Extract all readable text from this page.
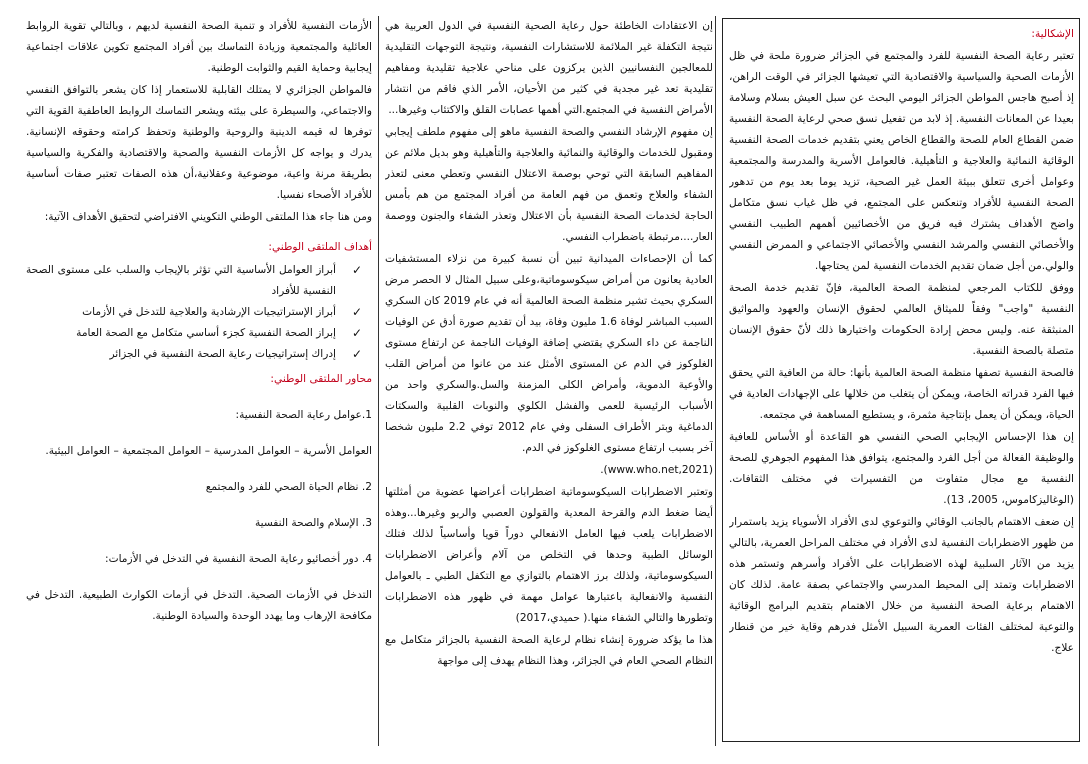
الإشكالية:

تعتبر رعاية الصحة النفسية للفرد والمجتمع في الجزائر ضرورة ملحة في ظل الأزمات الصحية والسياسية والاقتصادية التي تعيشها الجزائر في الوقت الراهن، إذ أصبح هاجس المواطن الجزائر اليومي البحث عن سبل العيش بسلام وسلامة بعيدا عن المعانات النفسية. إذ لابد من تفعيل نسق صحي لرعاية الصحة النفسية ضمن القطاع العام للصحة والقطاع الخاص يعني بتقديم خدمات الصحة النفسية الوقائية النمائية والعلاجية و التأهيلية. فالعوامل الأسرية والمدرسة والمجتمعية وعوامل أخرى تتعلق ببيئة العمل غير الصحية، تزيد يوما بعد يوم من تدهور الصحة النفسية للأفراد وتنعكس على المجتمع، في ظل غياب نسق متكامل واضح الأهداف يشترك فيه فريق من الأخصائيين أهمهم الطبيب النفسي والأخصائي النفسي والمرشد النفسي والأخصائي الاجتماعي و الممرض النفسي والولي.من أجل ضمان تقديم الخدمات النفسية لمن يحتاجها.

ووفق للكتاب المرجعي لمنظمة الصحة العالمية، فإنّ تقديم خدمة الصحة النفسية "واجب" وفقاً للميثاق العالمي لحقوق الإنسان والعهود والمواثيق المنبثقة عنه. وليس محض إرادة الحكومات واختيارها ذلك لأنّ حقوق الإنسان متصلة بالصحة النفسية.

فالصحة النفسية تصفها منظمة الصحة العالمية بأنها: حالة من العافية التي يحقق فيها الفرد قدراته الخاصة، ويمكن أن يتغلب من خلالها على الإجهادات العادية في الحياة، ويمكن أن يعمل بإنتاجية مثمرة، و يستطيع المساهمة في مجتمعه.

إن هذا الإحساس الإيجابي الصحي النفسي هو القاعدة أو الأساس للعافية والوظيفة الفعالة من أجل الفرد والمجتمع، يتوافق هذا المفهوم الجوهري للصحة النفسية مع مجال متفاوت من التفسيرات في مختلف الثقافات. (الوغاليزكاموس، 2005، 13).

إن ضعف الاهتمام بالجانب الوقائي والتوعوي لدى الأفراد الأسوياء يزيد باستمرار من ظهور الاضطرابات النفسية لدى الأفراد في مختلف المراحل العمرية، بالتالي يزيد من الآثار السلبية لهذه الاضطرابات على الأفراد وأسرهم وتستمر هذه الاضطرابات وتمتد إلى المحيط المدرسي والاجتماعي بصفة عامة. لذلك كان الاهتمام برعاية الصحة النفسية من خلال الاهتمام بتقديم البرامج الوقائية والتوعية لمختلف الفئات العمرية السبيل الأمثل فدرهم وقاية خير من قنطار علاج.

إن الاعتقادات الخاطئة حول رعاية الصحية النفسية في الدول العربية هي نتيجة التكفلة غير الملائمة للاستشارات النفسية، ونتيجة التوجهات التقليدية للمعالجين النفسانيين الذين يركزون على مناحي علاجية تقليدية ومفاهيم تقليدية تعد غير مجدية في كثير من الأحيان، الأمر الذي فاقم من انتشار الأمراض النفسية في المجتمع.التي أهمها عصابات القلق والاكتئاب وغيرها...

إن مفهوم الإرشاد النفسي والصحة النفسية ماهو إلى مفهوم ملطف إيجابي ومقبول للخدمات والوقائية والنمائية والعلاجية والتأهيلية وهو بديل ملائم عن المفاهيم السابقة التي توحي بوصمة الاعتلال النفسي وتعطي معنى لتعذر الشفاء والعلاج وتعمق من فهم العامة من أفراد المجتمع من هم بأمس الحاجة لخدمات الصحة النفسية بأن الاعتلال وتعذر الشفاء والجنون ووصمة العار....مرتبطة باضطراب النفسي.

كما أن الإحصاءات الميدانية تبين أن نسبة كبيرة من نزلاء المستشفيات العادية يعانون من أمراض سيكوسوماتية،وعلى سبيل المثال لا الحصر مرض السكري بحيث تشير منظمة الصحة العالمية أنه في عام 2019 كان السكري السبب المباشر لوفاة 1.6 مليون وفاة، بيد أن تقديم صورة أدق عن الوفيات الناجمة عن داء السكري يقتضي إضافة الوفيات الناجمة عن ارتفاع مستوى الغلوكوز في الدم عن المستوى الأمثل عند من عانوا من أمراض القلب والأوعية الدموية، وأمراض الكلى المزمنة والسل.والسكري واحد من الأسباب الرئيسية للعمى والفشل الكلوي والنوبات القلبية والسكتات الدماغية وبتر الأطراف السفلى وفي عام 2012 توفي 2.2 مليون شخصا آخر بسبب ارتفاع مستوى الغلوكوز في الدم.

(www.who.net,2021).

وتعتبر الاضطرابات السيكوسوماتية اضطرابات أعراضها عضوية من أمثلتها أيضا ضغط الدم والقرحة المعدية والقولون العصبي والربو وغيرها...وهذه الاضطرابات يلعب فيها العامل الانفعالي دوراً قويا وأساسياً لذلك فتلك الوسائل الطبية وحدها في التخلص من آلام وأعراض الاضطرابات السيكوسوماتية، ولذلك برز الاهتمام بالتوازي مع التكفل الطبي ـ بالعوامل النفسية والانفعالية باعتبارها عوامل مهمة في ظهور هذه الاضطرابات وتطورها والتالي الشفاء منها.( حميدي،2017)

هذا ما يؤكد ضرورة إنشاء نظام لرعاية الصحة النفسية بالجزائر متكامل مع النظام الصحي العام في الجزائر، وهذا النظام يهدف إلى مواجهة

الأزمات النفسية للأفراد و تنمية الصحة النفسية لديهم ، وبالتالي تقوية الروابط العائلية والمجتمعية وزيادة التماسك بين أفراد المجتمع تكوين علاقات اجتماعية إيجابية وحماية القيم والثوابت الوطنية.

فالمواطن الجزائري لا يمتلك القابلية للاستعمار إذا كان يشعر بالتوافق النفسي والاجتماعي، والسيطرة على بيئته ويشعر التماسك الروابط العاطفية القوية التي توفرها له قيمه الدينية والروحية والوطنية وتحفظ كرامته وحقوقه الإنسانية. يدرك و يواجه كل الأزمات النفسية والصحية والاقتصادية والفكرية والسياسية بطريقة مرنة واعية، موضوعية وعقلانية،أن هذه الصفات تعتبر صفات أساسية للأفراد الأصحاء نفسيا.

ومن هنا جاء هذا الملتقى الوطني التكويني الافتراضي لتحقيق الأهداف الآتية:

أهداف الملتقى الوطني:

✓
أبراز العوامل الأساسية التي تؤثر بالإيجاب والسلب على مستوى الصحة النفسية للأفراد
✓
أبراز الإستراتيجيات الإرشادية والعلاجية للتدخل في الأزمات
✓
إبراز الصحة النفسية كجزء أساسي متكامل مع الصحة العامة
✓
إدراك إستراتيجيات رعاية الصحة النفسية في الجزائر

محاور الملتقى الوطني:

1.عوامل رعاية الصحة النفسية:

العوامل الأسرية – العوامل المدرسية – العوامل المجتمعية – العوامل البيئية.

2. نظام الحياة الصحي للفرد والمجتمع

3. الإسلام والصحة النفسية

4. دور أخصائيو رعاية الصحة النفسية في التدخل في الأزمات:

التدخل في الأزمات الصحية. التدخل في أزمات الكوارث الطبيعية. التدخل في مكافحة الإرهاب وما يهدد الوحدة والسيادة الوطنية.
